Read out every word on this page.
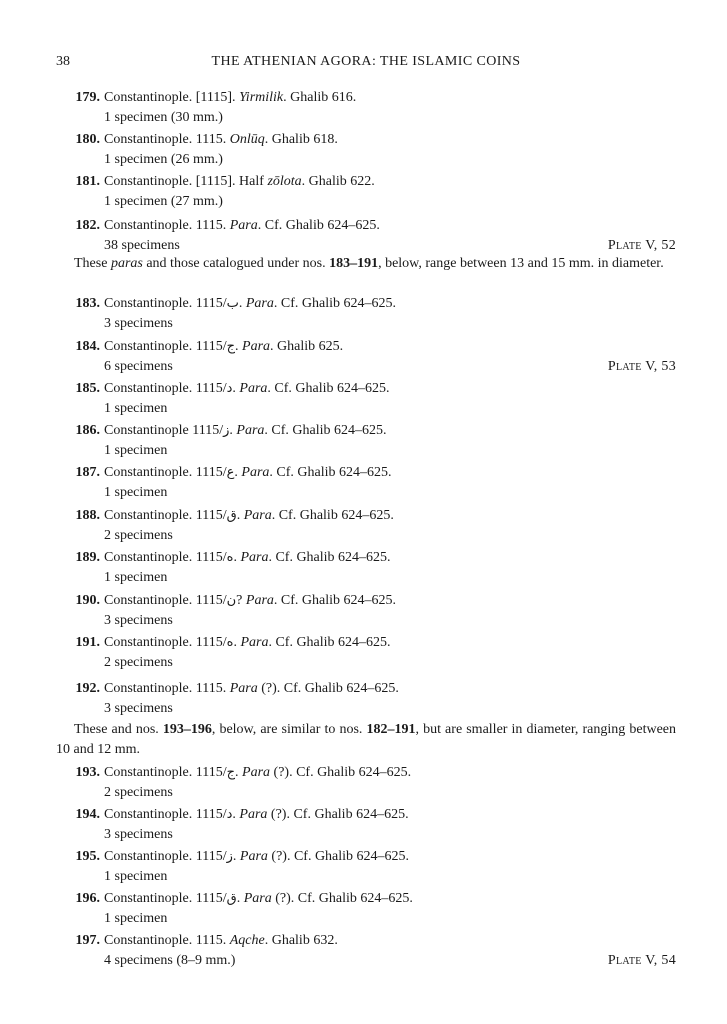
38	THE ATHENIAN AGORA: THE ISLAMIC COINS
179. Constantinople. [1115]. Yirmilik. Ghalib 616.
1 specimen (30 mm.)
180. Constantinople. 1115. Onlūq. Ghalib 618.
1 specimen (26 mm.)
181. Constantinople. [1115]. Half zōlota. Ghalib 622.
1 specimen (27 mm.)
182. Constantinople. 1115. Para. Cf. Ghalib 624–625.
38 specimens	Plate V, 52
183. Constantinople. 1115/ب. Para. Cf. Ghalib 624–625.
3 specimens
184. Constantinople. 1115/ج. Para. Ghalib 625.
6 specimens	Plate V, 53
185. Constantinople. 1115/د. Para. Cf. Ghalib 624–625.
1 specimen
186. Constantinople 1115/ز. Para. Cf. Ghalib 624–625.
1 specimen
187. Constantinople. 1115/ع. Para. Cf. Ghalib 624–625.
1 specimen
188. Constantinople. 1115/ق. Para. Cf. Ghalib 624–625.
2 specimens
189. Constantinople. 1115/ه. Para. Cf. Ghalib 624–625.
1 specimen
190. Constantinople. 1115/ن? Para. Cf. Ghalib 624–625.
3 specimens
191. Constantinople. 1115/ه. Para. Cf. Ghalib 624–625.
2 specimens
192. Constantinople. 1115. Para (?). Cf. Ghalib 624–625.
3 specimens
193. Constantinople. 1115/ج. Para (?). Cf. Ghalib 624–625.
2 specimens
194. Constantinople. 1115/د. Para (?). Cf. Ghalib 624–625.
3 specimens
195. Constantinople. 1115/ز. Para (?). Cf. Ghalib 624–625.
1 specimen
196. Constantinople. 1115/ق. Para (?). Cf. Ghalib 624–625.
1 specimen
197. Constantinople. 1115. Aqche. Ghalib 632.
4 specimens (8–9 mm.)	Plate V, 54
These paras and those catalogued under nos. 183–191, below, range between 13 and 15 mm. in diameter.
These and nos. 193–196, below, are similar to nos. 182–191, but are smaller in diameter, ranging between 10 and 12 mm.
